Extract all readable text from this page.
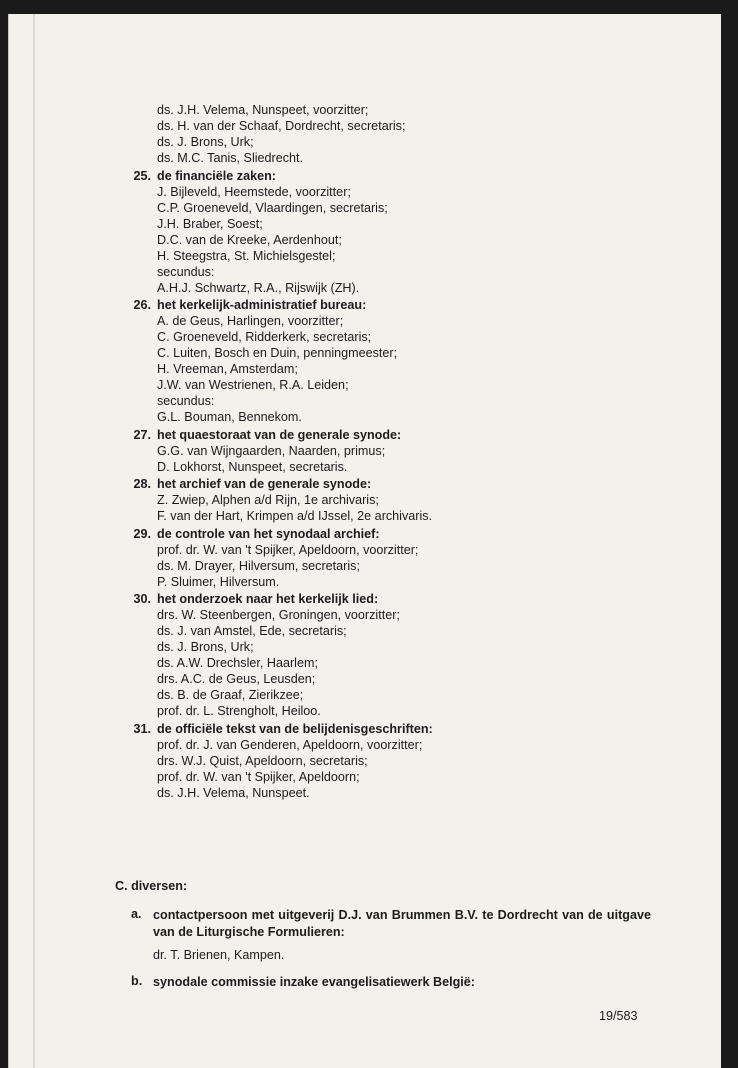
ds. J.H. Velema, Nunspeet, voorzitter;
ds. H. van der Schaaf, Dordrecht, secretaris;
ds. J. Brons, Urk;
ds. M.C. Tanis, Sliedrecht.
25. de financiële zaken:
J. Bijleveld, Heemstede, voorzitter;
C.P. Groeneveld, Vlaardingen, secretaris;
J.H. Braber, Soest;
D.C. van de Kreeke, Aerdenhout;
H. Steegstra, St. Michielsgestel;
secundus:
A.H.J. Schwartz, R.A., Rijswijk (ZH).
26. het kerkelijk-administratief bureau:
A. de Geus, Harlingen, voorzitter;
C. Groeneveld, Ridderkerk, secretaris;
C. Luiten, Bosch en Duin, penningmeester;
H. Vreeman, Amsterdam;
J.W. van Westrienen, R.A. Leiden;
secundus:
G.L. Bouman, Bennekom.
27. het quaestoraat van de generale synode:
G.G. van Wijngaarden, Naarden, primus;
D. Lokhorst, Nunspeet, secretaris.
28. het archief van de generale synode:
Z. Zwiep, Alphen a/d Rijn, 1e archivaris;
F. van der Hart, Krimpen a/d IJssel, 2e archivaris.
29. de controle van het synodaal archief:
prof. dr. W. van 't Spijker, Apeldoorn, voorzitter;
ds. M. Drayer, Hilversum, secretaris;
P. Sluimer, Hilversum.
30. het onderzoek naar het kerkelijk lied:
drs. W. Steenbergen, Groningen, voorzitter;
ds. J. van Amstel, Ede, secretaris;
ds. J. Brons, Urk;
ds. A.W. Drechsler, Haarlem;
drs. A.C. de Geus, Leusden;
ds. B. de Graaf, Zierikzee;
prof. dr. L. Strengholt, Heiloo.
31. de officiële tekst van de belijdenisgeschriften:
prof. dr. J. van Genderen, Apeldoorn, voorzitter;
drs. W.J. Quist, Apeldoorn, secretaris;
prof. dr. W. van 't Spijker, Apeldoorn;
ds. J.H. Velema, Nunspeet.
C. diversen:
a. contactpersoon met uitgeverij D.J. van Brummen B.V. te Dordrecht van de uitgave van de Liturgische Formulieren:
dr. T. Brienen, Kampen.
b. synodale commissie inzake evangelisatiewerk België:
19/583
